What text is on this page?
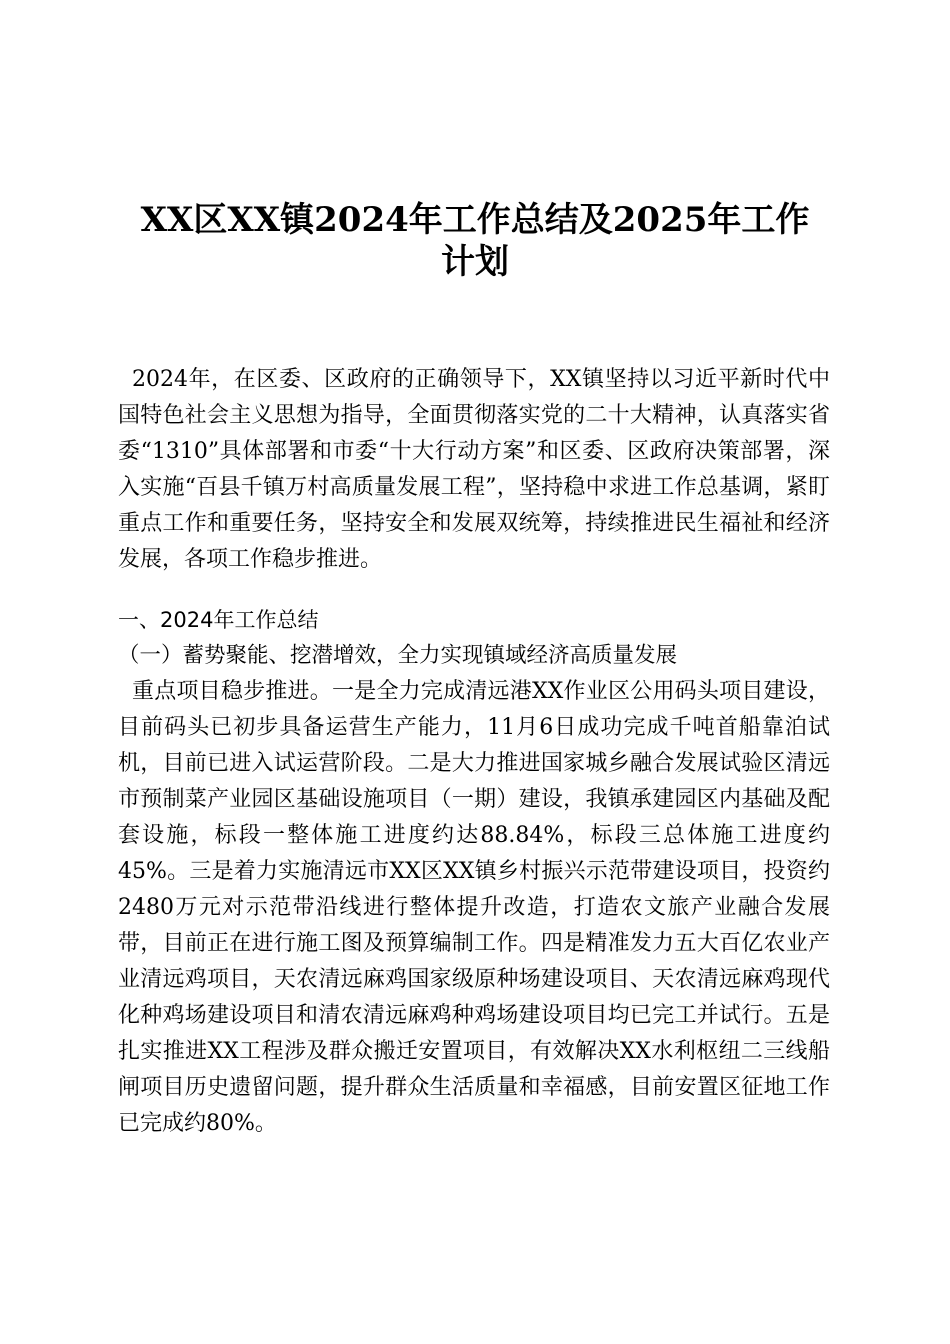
XX区XX镇2024年工作总结及2025年工作
计划
2024年，在区委、区政府的正确领导下，XX镇坚持以习近平新时代中国特色社会主义思想为指导，全面贯彻落实党的二十大精神，认真落实省委“1310”具体部署和市委“十大行动方案”和区委、区政府决策部署，深入实施“百县千镇万村高质量发展工程”，坚持稳中求进工作总基调，紧盯重点工作和重要任务，坚持安全和发展双统筹，持续推进民生福祉和经济发展，各项工作稳步推进。
一、2024年工作总结
（一）蓄势聚能、挖潜增效，全力实现镇域经济高质量发展
重点项目稳步推进。一是全力完成清远港XX作业区公用码头项目建设，目前码头已初步具备运营生产能力，11月6日成功完成千吨首船靠泊试机，目前已进入试运营阶段。二是大力推进国家城乡融合发展试验区清远市预制菜产业园区基础设施项目（一期）建设，我镇承建园区内基础及配套设施，标段一整体施工进度约达88.84%，标段三总体施工进度约45%。三是着力实施清远市XX区XX镇乡村振兴示范带建设项目，投资约2480万元对示范带沿线进行整体提升改造，打造农文旅产业融合发展带，目前正在进行施工图及预算编制工作。四是精准发力五大百亿农业产业清远鸡项目，天农清远麻鸡国家级原种场建设项目、天农清远麻鸡现代化种鸡场建设项目和清农清远麻鸡种鸡场建设项目均已完工并试行。五是扎实推进XX工程涉及群众搬迁安置项目，有效解决XX水利枢纽二三线船闸项目历史遗留问题，提升群众生活质量和幸福感，目前安置区征地工作已完成约80%。
